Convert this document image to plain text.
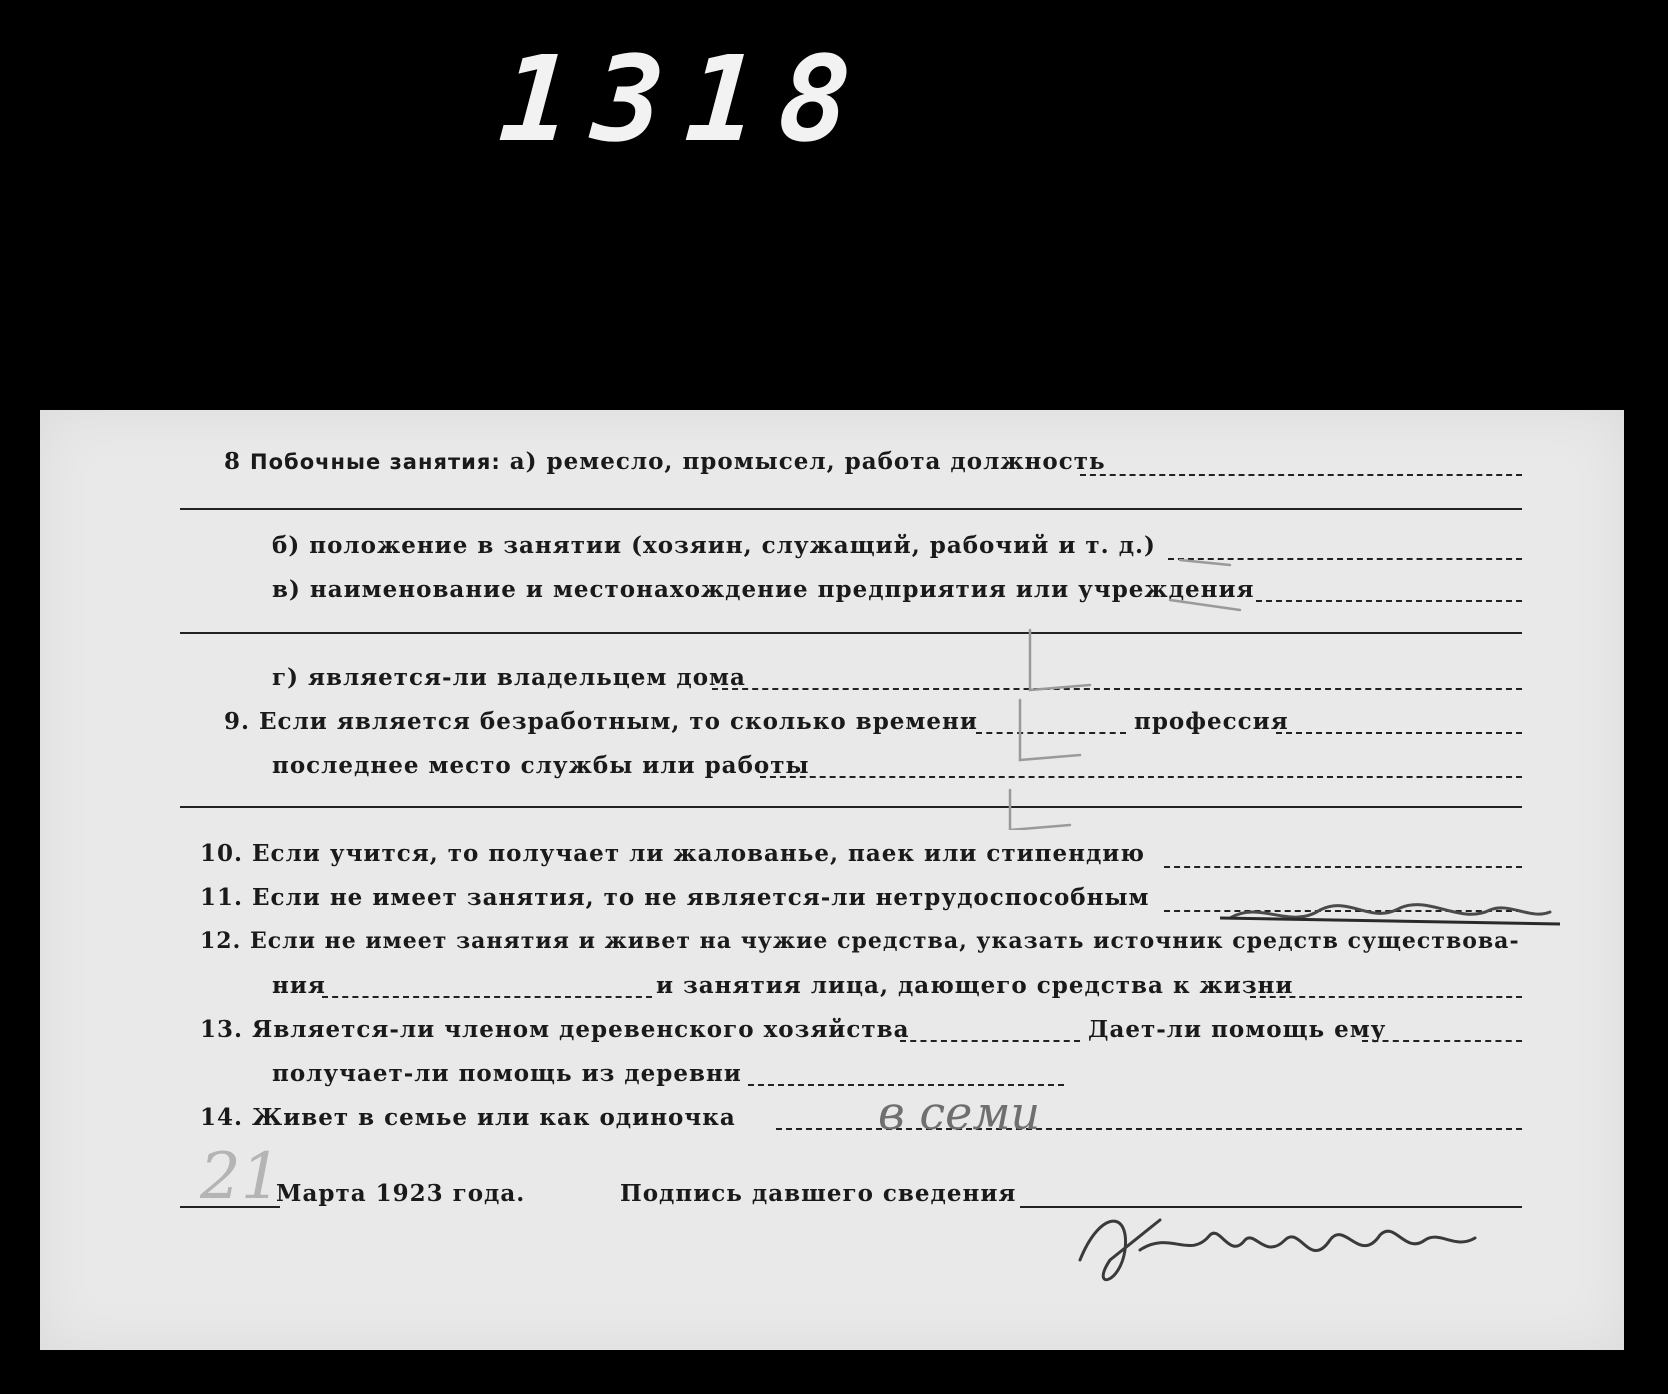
1318
8 Побочные занятия: а) ремесло, промысел, работа должность
б) положение в занятии (хозяин, служащий, рабочий и т. д.)
в) наименование и местонахождение предприятия или учреждения
г) является-ли владельцем дома
9. Если является безработным, то сколько времени	профессия
последнее место службы или работы
10. Если учится, то получает ли жалованье, паек или стипендию
11. Если не имеет занятия, то не является-ли нетрудоспособным
12. Если не имеет занятия и живет на чужие средства, указать источник средств существова-
ния	и занятия лица, дающего средства к жизни
13. Является-ли членом деревенского хозяйства	Дает-ли помощь ему
получает-ли помощь из деревни
14. Живет в семье или как одиночка	в семи
21
Марта 1923 года.	Подпись давшего сведения
